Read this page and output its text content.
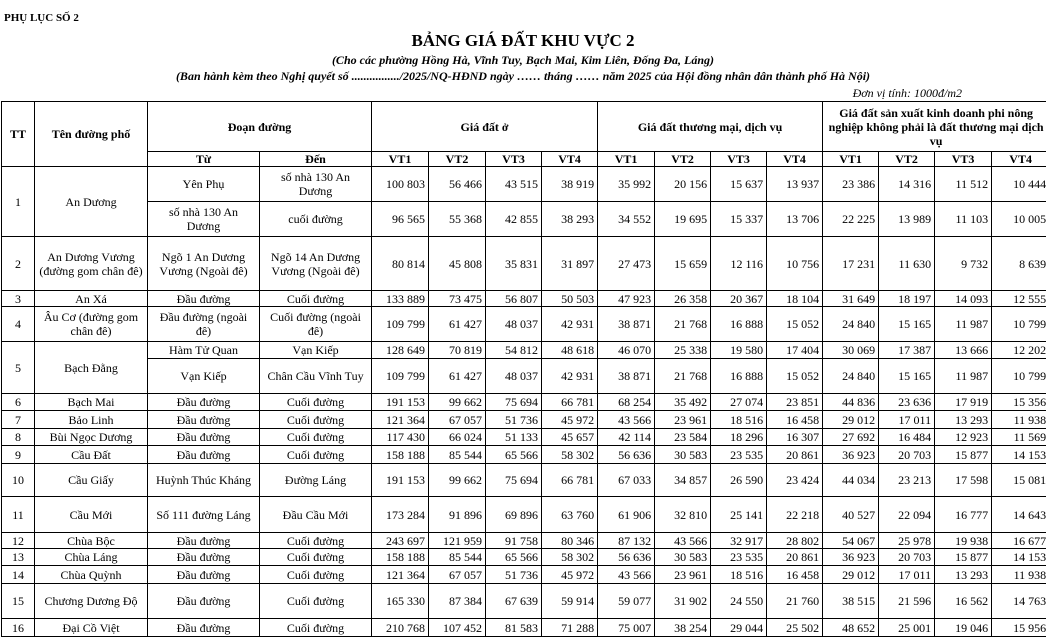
PHỤ LỤC SỐ 2
BẢNG GIÁ ĐẤT KHU VỰC 2
(Cho các phường Hồng Hà, Vĩnh Tuy, Bạch Mai, Kim Liên, Đống Đa, Láng)
(Ban hành kèm theo Nghị quyết số ................/2025/NQ-HĐND ngày …… tháng …… năm 2025 của Hội đồng nhân dân thành phố Hà Nội)
Đơn vị tính: 1000đ/m2
TT	Tên đường phố	Đoạn đường		Giá đất ở				Giá đất thương mại, dịch vụ				Giá đất sản xuất kinh doanh phi nông nghiệp không phải là đất thương mại dịch vụ			
		Từ	Đến	VT1	VT2	VT3	VT4	VT1	VT2	VT3	VT4	VT1	VT2	VT3	VT4
1	An Dương	Yên Phụ	số nhà 130 An Dương	100 803	56 466	43 515	38 919	35 992	20 156	15 637	13 937	23 386	14 316	11 512	10 444
		số nhà 130 An Dương	cuối đường	96 565	55 368	42 855	38 293	34 552	19 695	15 337	13 706	22 225	13 989	11 103	10 005
2	An Dương Vương (đường gom chân đê)	Ngõ 1 An Dương Vương (Ngoài đê)	Ngõ 14 An Dương Vương (Ngoài đê)	80 814	45 808	35 831	31 897	27 473	15 659	12 116	10 756	17 231	11 630	9 732	8 639
3	An Xá	Đầu đường	Cuối đường	133 889	73 475	56 807	50 503	47 923	26 358	20 367	18 104	31 649	18 197	14 093	12 555
4	Âu Cơ (đường gom chân đê)	Đầu đường (ngoài đê)	Cuối đường (ngoài đê)	109 799	61 427	48 037	42 931	38 871	21 768	16 888	15 052	24 840	15 165	11 987	10 799
5	Bạch Đằng	Hàm Tử Quan	Vạn Kiếp	128 649	70 819	54 812	48 618	46 070	25 338	19 580	17 404	30 069	17 387	13 666	12 202
		Vạn Kiếp	Chân Cầu Vĩnh Tuy	109 799	61 427	48 037	42 931	38 871	21 768	16 888	15 052	24 840	15 165	11 987	10 799
6	Bạch Mai	Đầu đường	Cuối đường	191 153	99 662	75 694	66 781	68 254	35 492	27 074	23 851	44 836	23 636	17 919	15 356
7	Bảo Linh	Đầu đường	Cuối đường	121 364	67 057	51 736	45 972	43 566	23 961	18 516	16 458	29 012	17 011	13 293	11 938
8	Bùi Ngọc Dương	Đầu đường	Cuối đường	117 430	66 024	51 133	45 657	42 114	23 584	18 296	16 307	27 692	16 484	12 923	11 569
9	Cầu Đất	Đầu đường	Cuối đường	158 188	85 544	65 566	58 302	56 636	30 583	23 535	20 861	36 923	20 703	15 877	14 153
10	Cầu Giấy	Huỳnh Thúc Kháng	Đường Láng	191 153	99 662	75 694	66 781	67 033	34 857	26 590	23 424	44 034	23 213	17 598	15 081
11	Cầu Mới	Số 111 đường Láng	Đầu Cầu Mới	173 284	91 896	69 896	63 760	61 906	32 810	25 141	22 218	40 527	22 094	16 777	14 643
12	Chùa Bộc	Đầu đường	Cuối đường	243 697	121 959	91 758	80 346	87 132	43 566	32 917	28 802	54 067	25 978	19 938	16 677
13	Chùa Láng	Đầu đường	Cuối đường	158 188	85 544	65 566	58 302	56 636	30 583	23 535	20 861	36 923	20 703	15 877	14 153
14	Chùa Quỳnh	Đầu đường	Cuối đường	121 364	67 057	51 736	45 972	43 566	23 961	18 516	16 458	29 012	17 011	13 293	11 938
15	Chương Dương Độ	Đầu đường	Cuối đường	165 330	87 384	67 639	59 914	59 077	31 902	24 550	21 760	38 515	21 596	16 562	14 763
16	Đại Cồ Việt	Đầu đường	Cuối đường	210 768	107 452	81 583	71 288	75 007	38 254	29 044	25 502	48 652	25 001	19 046	15 956
